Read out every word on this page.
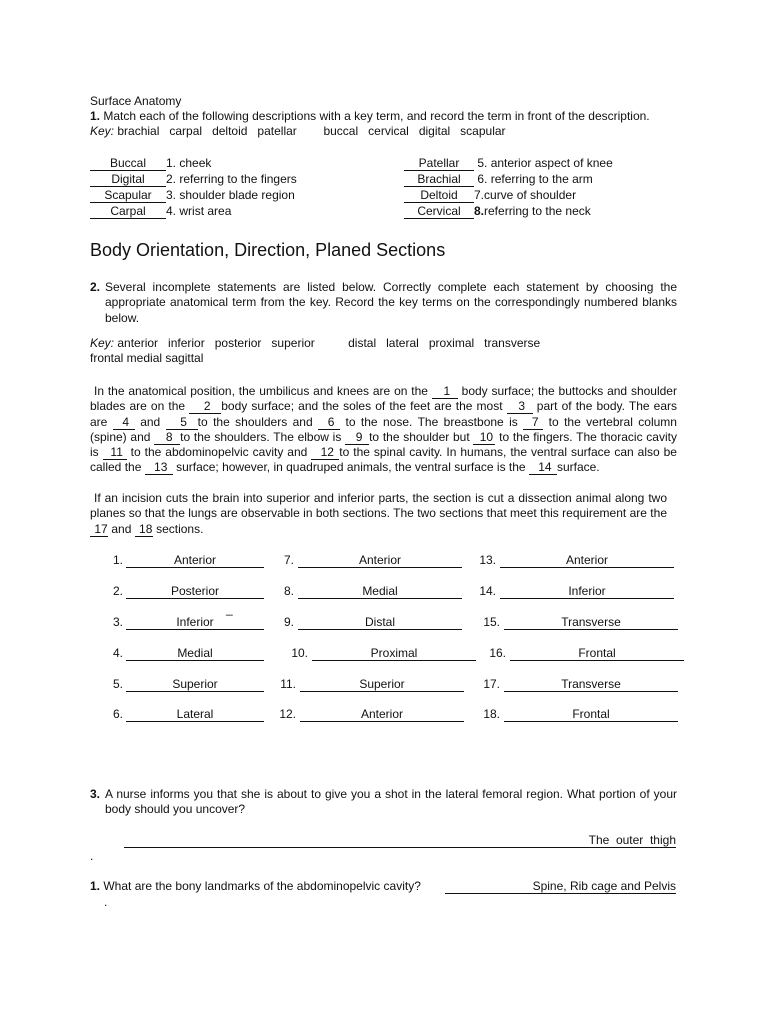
Surface Anatomy
1. Match each of the following descriptions with a key term, and record the term in front of the description.
Key: brachial   carpal   deltoid   patellar        buccal   cervical   digital   scapular
Buccal 1. cheek
Digital 2. referring to the fingers
Scapular 3. shoulder blade region
Carpal 4. wrist area
Patellar 5. anterior aspect of knee
Brachial 6. referring to the arm
Deltoid 7.curve of shoulder
Cervical 8.referring to the neck
Body Orientation, Direction, Planed Sections
2. Several incomplete statements are listed below. Correctly complete each statement by choosing the appropriate anatomical term from the key. Record the key terms on the correspondingly numbered blanks below.
Key: anterior   inferior   posterior   superior          distal   lateral   proximal   transverse
frontal medial sagittal
In the anatomical position, the umbilicus and knees are on the 1 body surface; the buttocks and shoulder blades are on the 2 body surface; and the soles of the feet are the most 3 part of the body. The ears are 4 and 5 to the shoulders and 6 to the nose. The breastbone is 7 to the vertebral column (spine) and 8 to the shoulders. The elbow is 9 to the shoulder but 10 to the fingers. The thoracic cavity is 11 to the abdominopelvic cavity and 12 to the spinal cavity. In humans, the ventral surface can also be called the 13 surface; however, in quadruped animals, the ventral surface is the 14 surface.
If an incision cuts the brain into superior and inferior parts, the section is cut a dissection animal along two planes so that the lungs are observable in both sections. The two sections that meet this requirement are the 17 and 18 sections.
1.	Anterior
2.	Posterior
3.	Inferior
4.	Medial
5.	Superior
6.	Lateral
7.	Anterior
8.	Medial
9.	Distal
10.	Proximal
11.	Superior
12.	Anterior
13.	Anterior
14.	Inferior
15.	Transverse
16.	Frontal
17.	Transverse
18.	Frontal
_
3. A nurse informs you that she is about to give you a shot in the lateral femoral region. What portion of your body should you uncover?
The  outer  thigh
.
1. What are the bony landmarks of the abdominopelvic cavity?	Spine, Rib cage and Pelvis
.
